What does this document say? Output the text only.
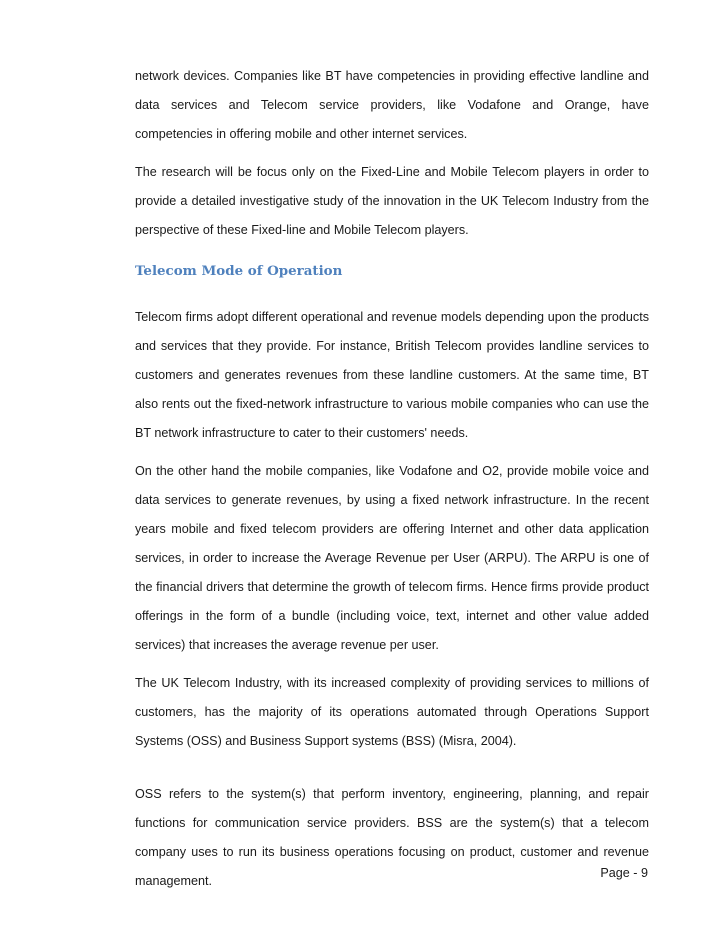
network devices. Companies like BT have competencies in providing effective landline and data services and Telecom service providers, like Vodafone and Orange, have competencies in offering mobile and other internet services.

The research will be focus only on the Fixed-Line and Mobile Telecom players in order to provide a detailed investigative study of the innovation in the UK Telecom Industry from the perspective of these Fixed-line and Mobile Telecom players.

Telecom Mode of Operation

Telecom firms adopt different operational and revenue models depending upon the products and services that they provide. For instance, British Telecom provides landline services to customers and generates revenues from these landline customers. At the same time, BT also rents out the fixed-network infrastructure to various mobile companies who can use the BT network infrastructure to cater to their customers' needs.

On the other hand the mobile companies, like Vodafone and O2, provide mobile voice and data services to generate revenues, by using a fixed network infrastructure. In the recent years mobile and fixed telecom providers are offering Internet and other data application services, in order to increase the Average Revenue per User (ARPU). The ARPU is one of the financial drivers that determine the growth of telecom firms. Hence firms provide product offerings in the form of a bundle (including voice, text, internet and other value added services) that increases the average revenue per user.

The UK Telecom Industry, with its increased complexity of providing services to millions of customers, has the majority of its operations automated through Operations Support Systems (OSS) and Business Support systems (BSS) (Misra, 2004).

OSS refers to the system(s) that perform inventory, engineering, planning, and repair functions for communication service providers. BSS are the system(s) that a telecom company uses to run its business operations focusing on product, customer and revenue management.

Page - 9
